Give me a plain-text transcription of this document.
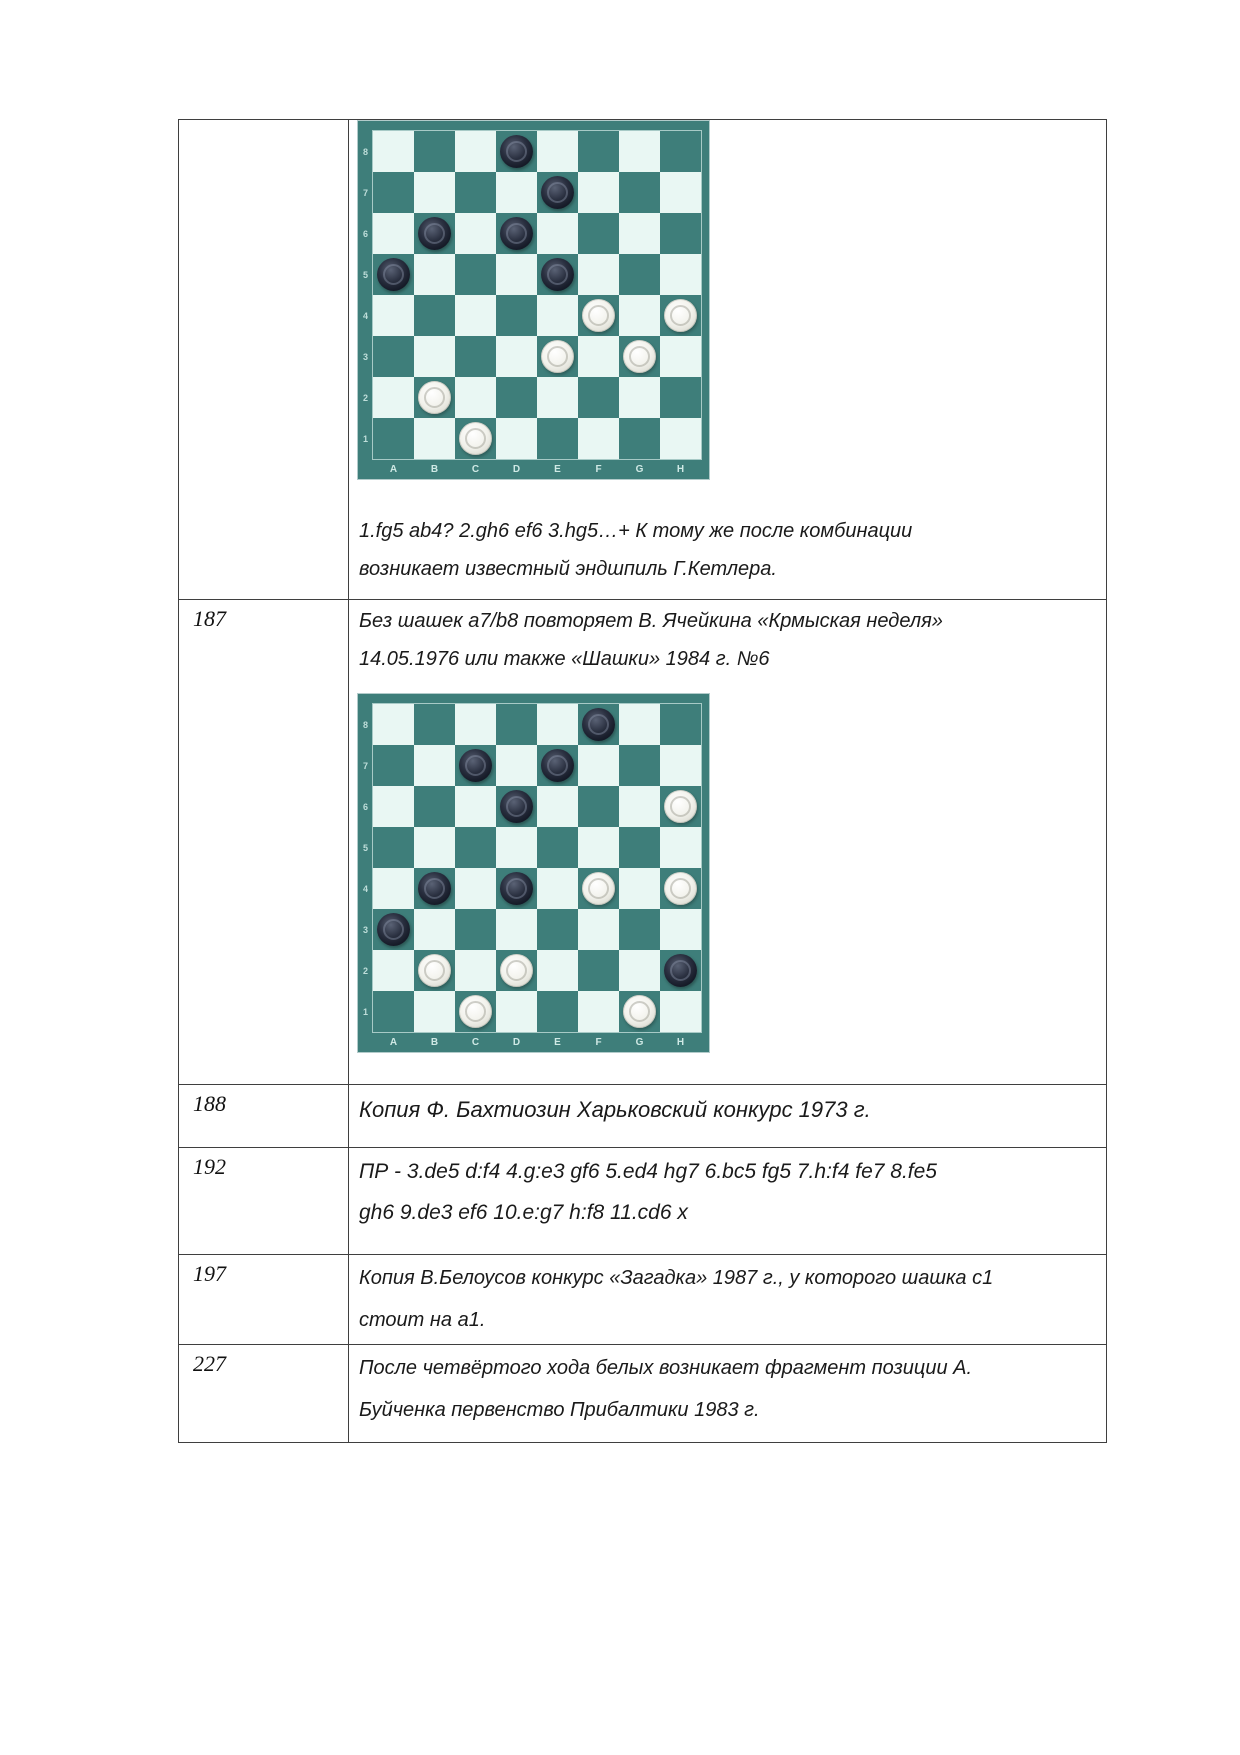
8
7
6
5
4
3
2
1
A	B	C	D	E	F	G	H
1.fg5 ab4? 2.gh6 ef6 3.hg5…+ К тому же после комбинации
возникает известный эндшпиль Г.Кетлера.
187	Без шашек a7/b8 повторяет В. Ячейкина «Крмыская неделя»
14.05.1976 или также «Шашки» 1984 г. №6
8
7
6
5
4
3
2
1
A	B	C	D	E	F	G	H
188	Копия Ф. Бахтиозин Харьковский конкурс 1973 г.
192	ПР - 3.de5 d:f4 4.g:e3 gf6 5.ed4 hg7 6.bc5 fg5 7.h:f4 fe7 8.fe5
gh6 9.de3 ef6 10.e:g7 h:f8 11.cd6 x
197	Копия В.Белоусов конкурс «Загадка» 1987 г., у которого шашка c1
стоит на a1.
227	После четвёртого хода белых возникает фрагмент позиции А.
Буйченка первенство Прибалтики 1983 г.
